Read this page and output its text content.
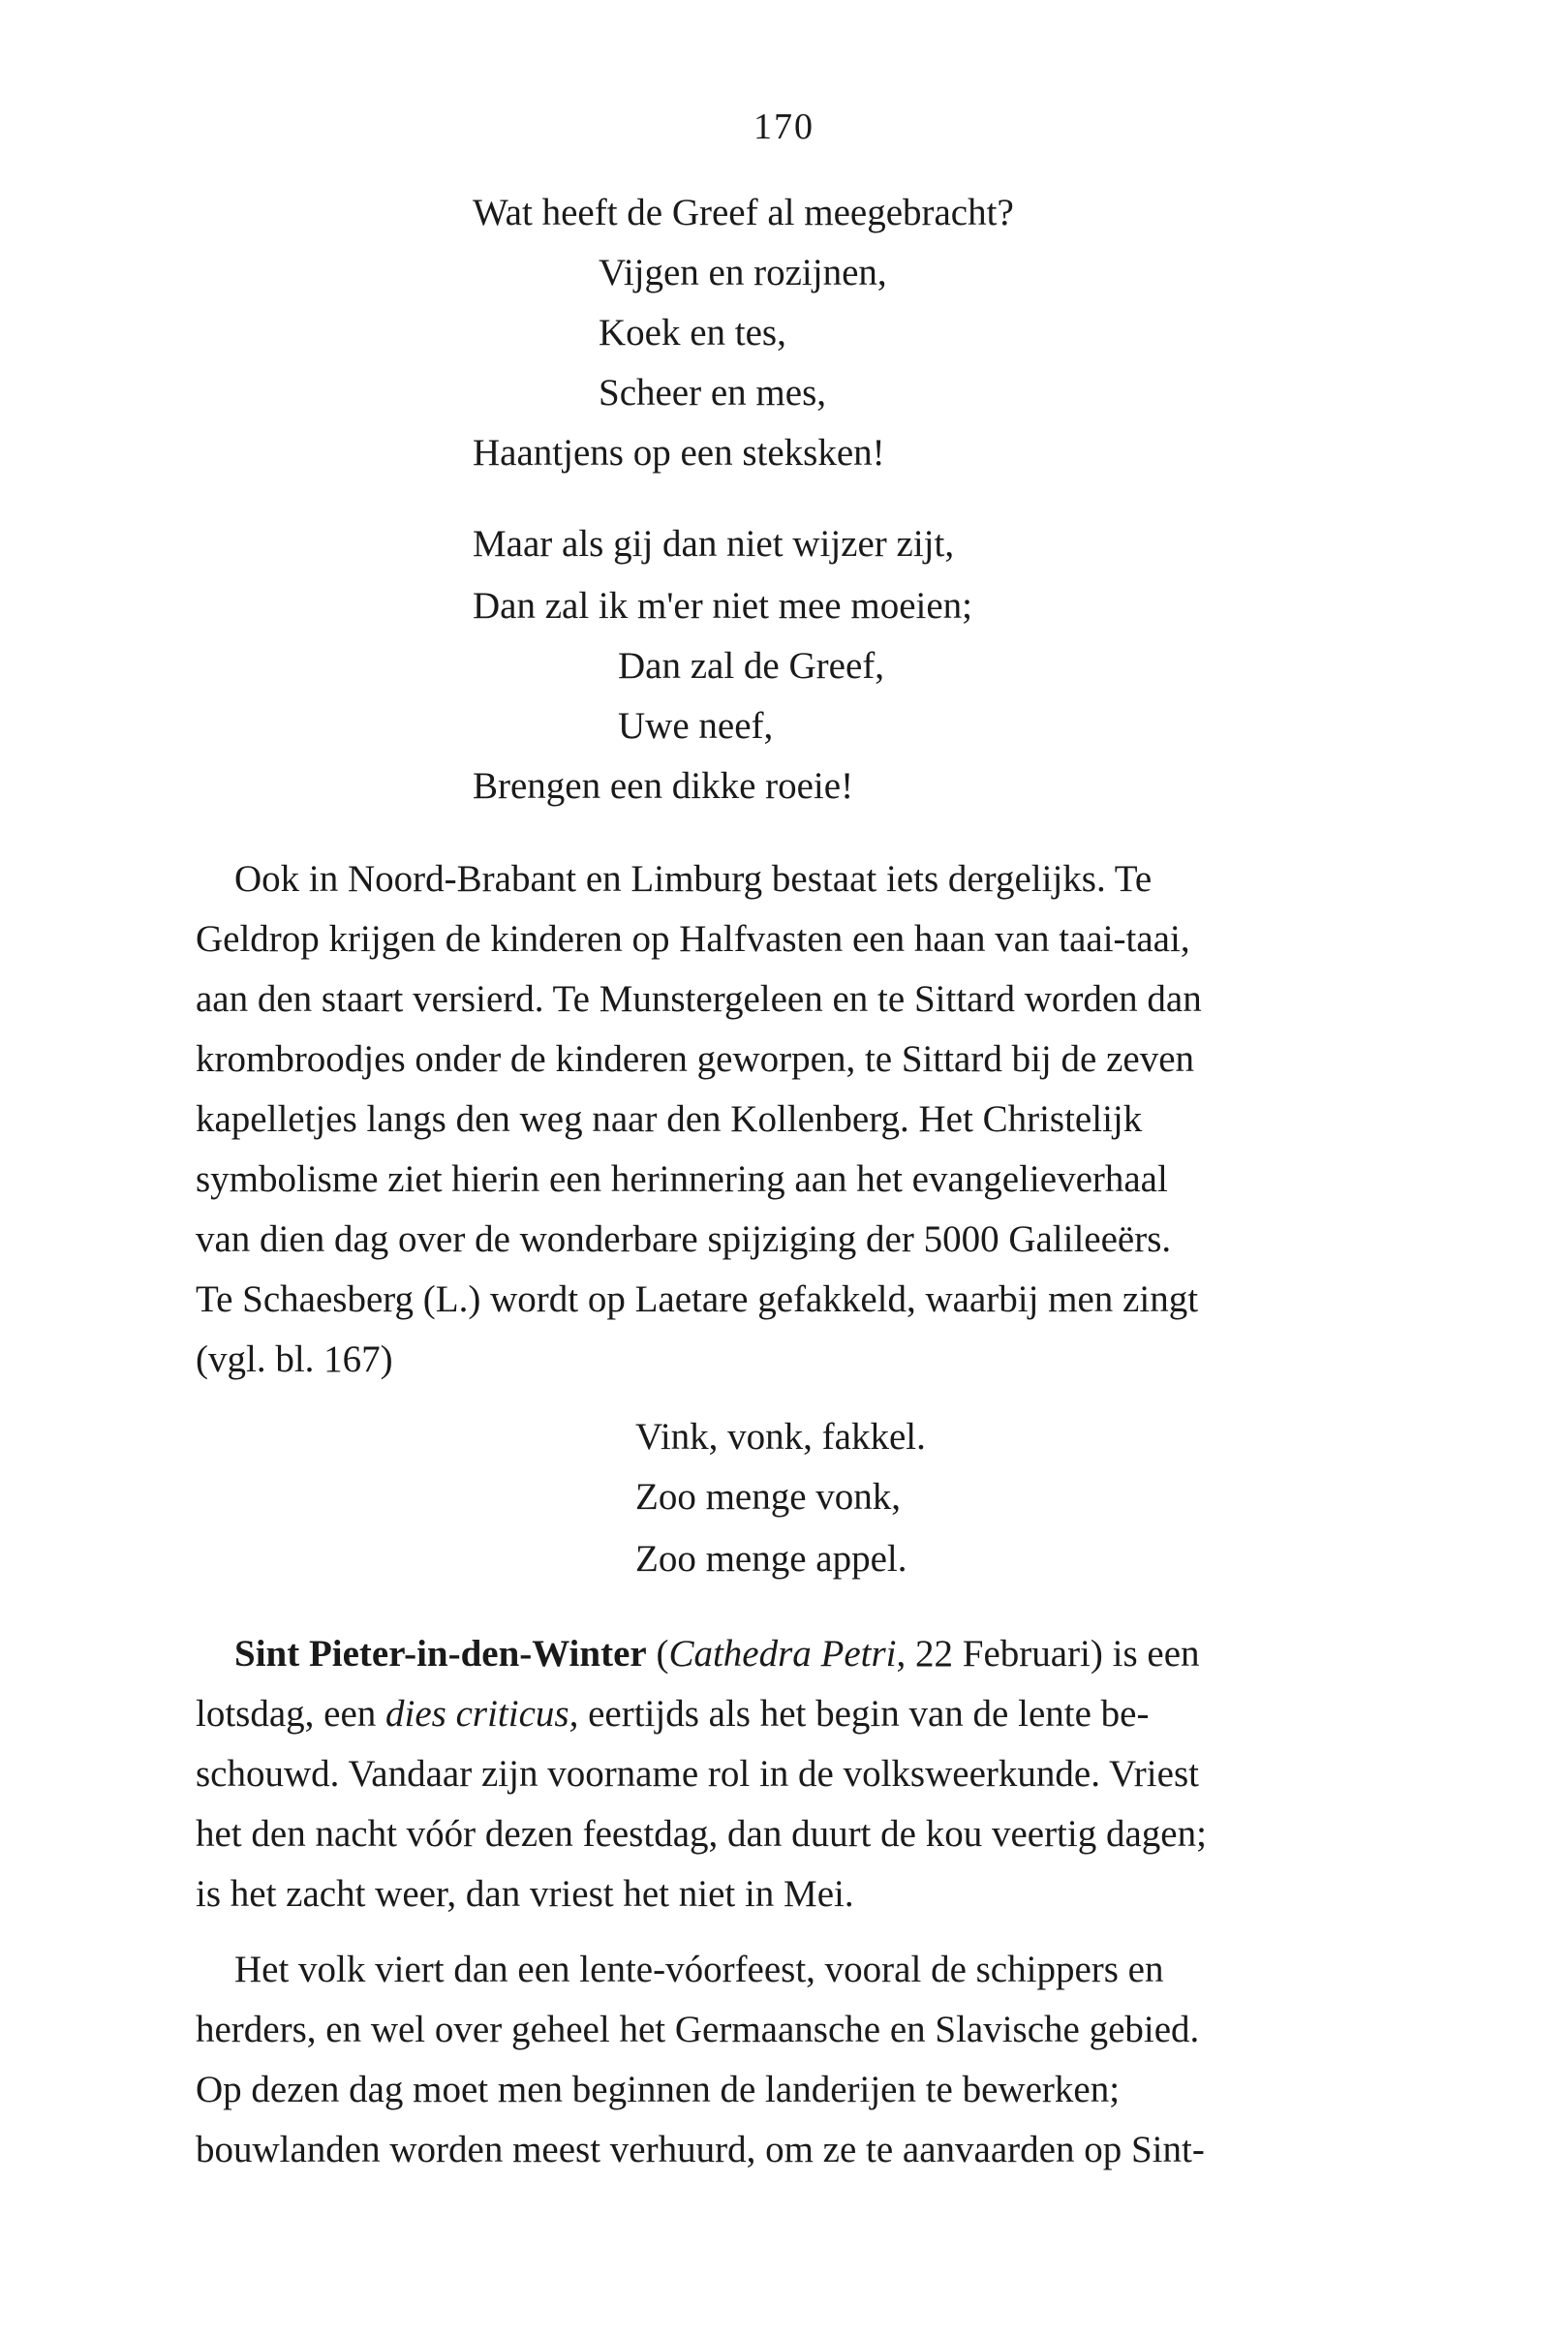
170
Wat heeft de Greef al meegebracht?
Vijgen en rozijnen,
Koek en tes,
Scheer en mes,
Haantjens op een steksken!
Maar als gij dan niet wijzer zijt,
Dan zal ik m'er niet mee moeien;
Dan zal de Greef,
Uwe neef,
Brengen een dikke roeie!
Ook in Noord-Brabant en Limburg bestaat iets dergelijks. Te
Geldrop krijgen de kinderen op Halfvasten een haan van taai-taai,
aan den staart versierd. Te Munstergeleen en te Sittard worden dan
krombroodjes onder de kinderen geworpen, te Sittard bij de zeven
kapelletjes langs den weg naar den Kollenberg. Het Christelijk
symbolisme ziet hierin een herinnering aan het evangelieverhaal
van dien dag over de wonderbare spijziging der 5000 Galileeërs.
Te Schaesberg (L.) wordt op Laetare gefakkeld, waarbij men zingt
(vgl. bl. 167)
Vink, vonk, fakkel.
Zoo menge vonk,
Zoo menge appel.
Sint Pieter-in-den-Winter (Cathedra Petri, 22 Februari) is een
lotsdag, een dies criticus, eertijds als het begin van de lente be-
schouwd. Vandaar zijn voorname rol in de volksweerkunde. Vriest
het den nacht vóór dezen feestdag, dan duurt de kou veertig dagen;
is het zacht weer, dan vriest het niet in Mei.
Het volk viert dan een lente-vóorfeest, vooral de schippers en
herders, en wel over geheel het Germaansche en Slavische gebied.
Op dezen dag moet men beginnen de landerijen te bewerken;
bouwlanden worden meest verhuurd, om ze te aanvaarden op Sint-
